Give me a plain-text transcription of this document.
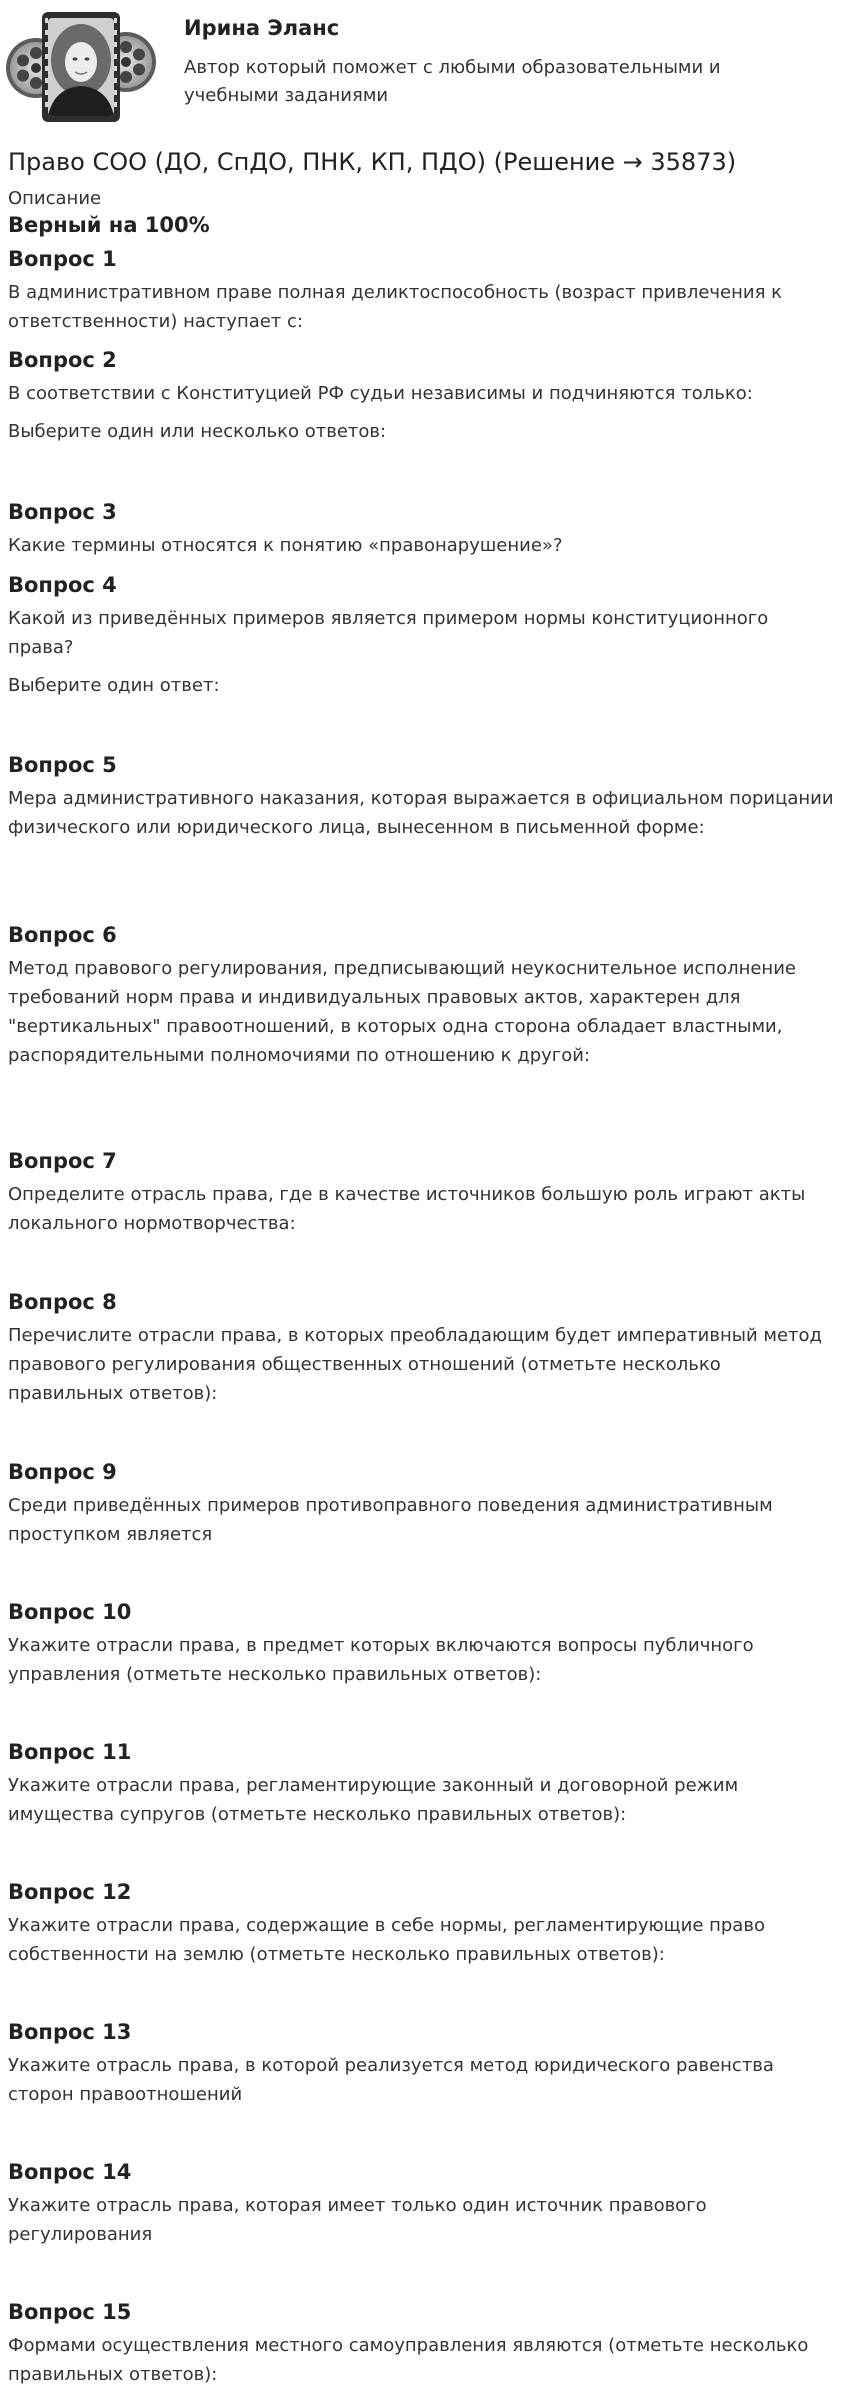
Ирина Эланс
Автор который поможет с любыми образовательными и учебными заданиями
Право СОО (ДО, СпДО, ПНК, КП, ПДО) (Решение → 35873)
Описание
Верный на 100%
Вопрос 1
В административном праве полная деликтоспособность (возраст привлечения к ответственности) наступает с:
Вопрос 2
В соответствии с Конституцией РФ судьи независимы и подчиняются только:
Выберите один или несколько ответов:
Вопрос 3
Какие термины относятся к понятию «правонарушение»?
Вопрос 4
Какой из приведённых примеров является примером нормы конституционного права?
Выберите один ответ:
Вопрос 5
Мера административного наказания, которая выражается в официальном порицании физического или юридического лица, вынесенном в письменной форме:
Вопрос 6
Метод правового регулирования, предписывающий неукоснительное исполнение требований норм права и индивидуальных правовых актов, характерен для "вертикальных" правоотношений, в которых одна сторона обладает властными, распорядительными полномочиями по отношению к другой:
Вопрос 7
Определите отрасль права, где в качестве источников большую роль играют акты локального нормотворчества:
Вопрос 8
Перечислите отрасли права, в которых преобладающим будет императивный метод правового регулирования общественных отношений (отметьте несколько правильных ответов):
Вопрос 9
Среди приведённых примеров противоправного поведения административным проступком является
Вопрос 10
Укажите отрасли права, в предмет которых включаются вопросы публичного управления (отметьте несколько правильных ответов):
Вопрос 11
Укажите отрасли права, регламентирующие законный и договорной режим имущества супругов (отметьте несколько правильных ответов):
Вопрос 12
Укажите отрасли права, содержащие в себе нормы, регламентирующие право собственности на землю (отметьте несколько правильных ответов):
Вопрос 13
Укажите отрасль права, в которой реализуется метод юридического равенства сторон правоотношений
Вопрос 14
Укажите отрасль права, которая имеет только один источник правового регулирования
Вопрос 15
Формами осуществления местного самоуправления являются (отметьте несколько правильных ответов):
